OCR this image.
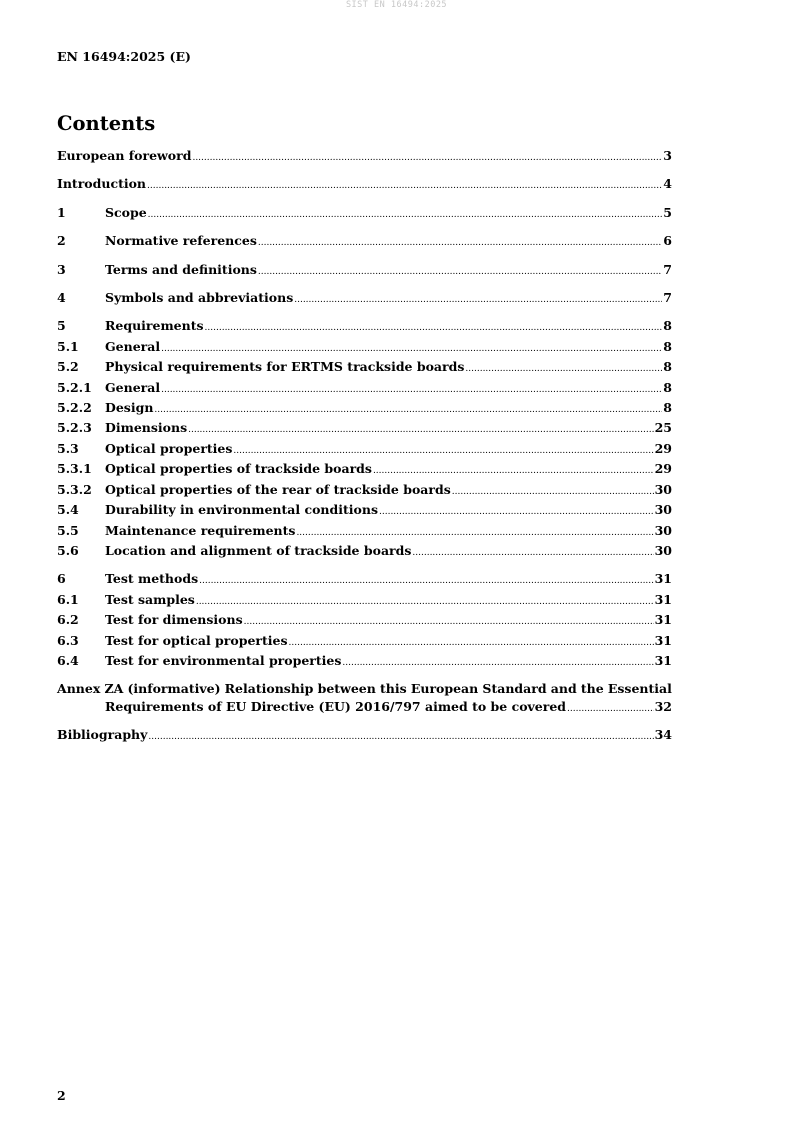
SIST EN 16494:2025
EN 16494:2025 (E)
Contents
European foreword .....	3
Introduction .....	4
1	Scope .....	5
2	Normative references .....	6
3	Terms and definitions .....	7
4	Symbols and abbreviations .....	7
5	Requirements .....	8
5.1	General .....	8
5.2	Physical requirements for ERTMS trackside boards .....	8
5.2.1	General .....	8
5.2.2	Design .....	8
5.2.3	Dimensions .....	25
5.3	Optical properties .....	29
5.3.1	Optical properties of trackside boards .....	29
5.3.2	Optical properties of the rear of trackside boards .....	30
5.4	Durability in environmental conditions .....	30
5.5	Maintenance requirements .....	30
5.6	Location and alignment of trackside boards .....	30
6	Test methods .....	31
6.1	Test samples .....	31
6.2	Test for dimensions .....	31
6.3	Test for optical properties .....	31
6.4	Test for environmental properties .....	31
Annex ZA (informative) Relationship between this European Standard and the Essential
Requirements of EU Directive (EU) 2016/797 aimed to be covered .....	32
Bibliography .....	34
2
